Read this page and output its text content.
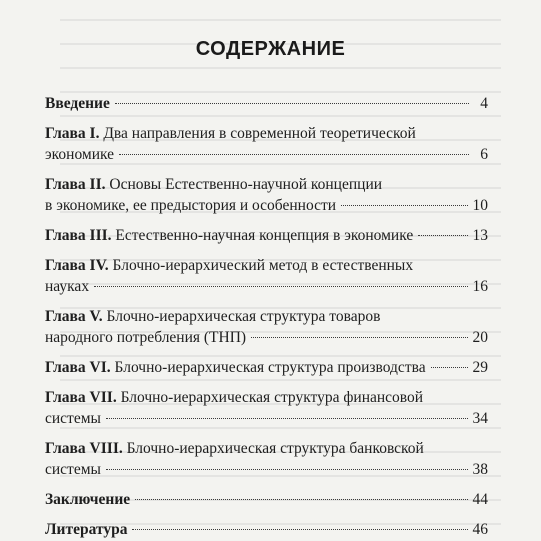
СОДЕРЖАНИЕ
Введение	4
Глава I. Два направления в современной теоретической
экономике	6
Глава II. Основы Естественно-научной концепции
в экономике, ее предыстория и особенности	10
Глава III.
Естественно-научная концепция в экономике	13
Глава IV. Блочно-иерархический метод в естественных
науках	16
Глава V. Блочно-иерархическая структура товаров
народного потребления (ТНП)	20
Глава VI.
Блочно-иерархическая структура производства	29
Глава VII. Блочно-иерархическая структура финансовой
системы	34
Глава VIII. Блочно-иерархическая структура банковской
системы	38
Заключение	44
Литература	46
